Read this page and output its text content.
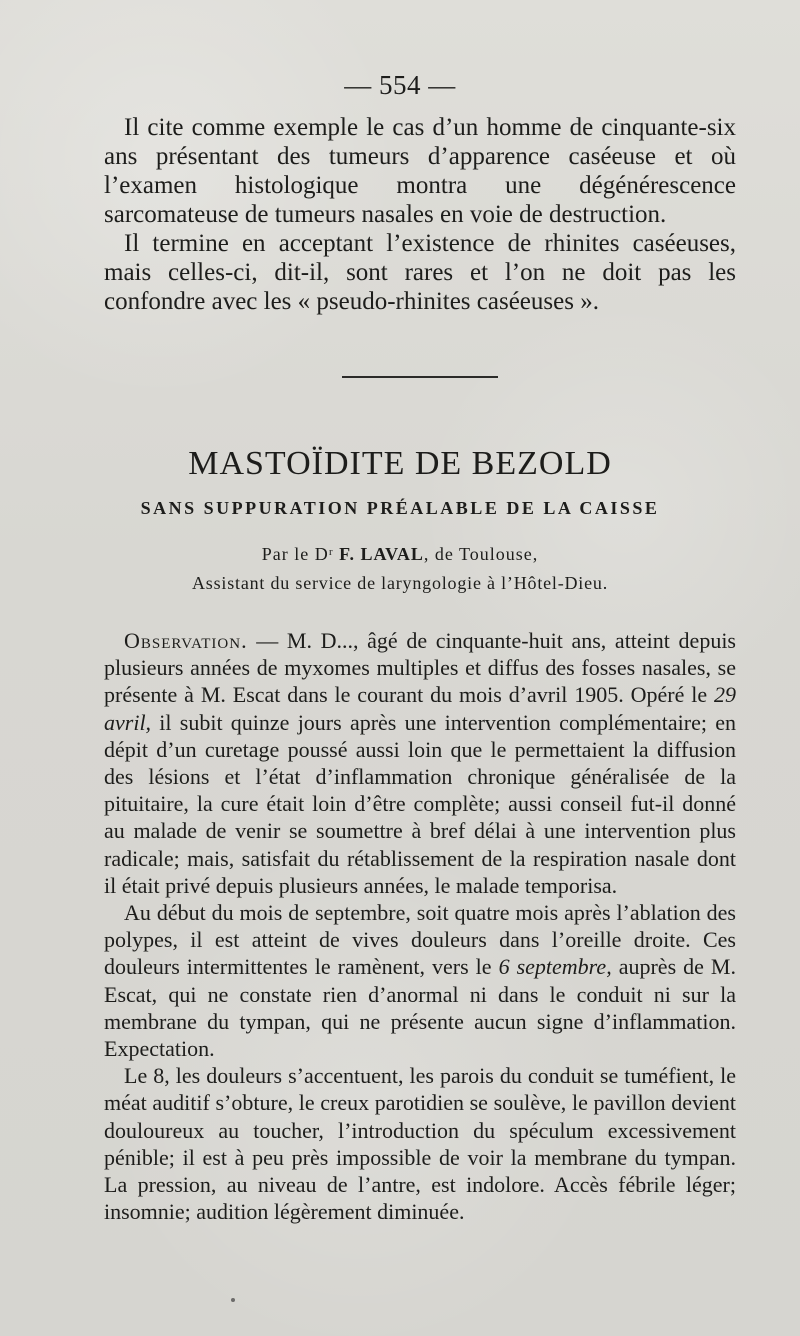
— 554 —

Il cite comme exemple le cas d’un homme de cinquante-six ans présentant des tumeurs d’apparence caséeuse et où l’examen histologique montra une dégénérescence sarcomateuse de tumeurs nasales en voie de destruction.

Il termine en acceptant l’existence de rhinites caséeuses, mais celles-ci, dit-il, sont rares et l’on ne doit pas les confondre avec les « pseudo-rhinites caséeuses ».

MASTOÏDITE DE BEZOLD
SANS SUPPURATION PRÉALABLE DE LA CAISSE
Par le Dʳ F. LAVAL, de Toulouse,
Assistant du service de laryngologie à l’Hôtel-Dieu.

Observation. — M. D..., âgé de cinquante-huit ans, atteint depuis plusieurs années de myxomes multiples et diffus des fosses nasales, se présente à M. Escat dans le courant du mois d’avril 1905. Opéré le 29 avril, il subit quinze jours après une intervention complémentaire; en dépit d’un curetage poussé aussi loin que le permettaient la diffusion des lésions et l’état d’inflammation chronique généralisée de la pituitaire, la cure était loin d’être complète; aussi conseil fut-il donné au malade de venir se soumettre à bref délai à une intervention plus radicale; mais, satisfait du rétablissement de la respiration nasale dont il était privé depuis plusieurs années, le malade temporisa.

Au début du mois de septembre, soit quatre mois après l’ablation des polypes, il est atteint de vives douleurs dans l’oreille droite. Ces douleurs intermittentes le ramènent, vers le 6 septembre, auprès de M. Escat, qui ne constate rien d’anormal ni dans le conduit ni sur la membrane du tympan, qui ne présente aucun signe d’inflammation. Expectation.

Le 8, les douleurs s’accentuent, les parois du conduit se tuméfient, le méat auditif s’obture, le creux parotidien se soulève, le pavillon devient douloureux au toucher, l’introduction du spéculum excessivement pénible; il est à peu près impossible de voir la membrane du tympan. La pression, au niveau de l’antre, est indolore. Accès fébrile léger; insomnie; audition légèrement diminuée.
